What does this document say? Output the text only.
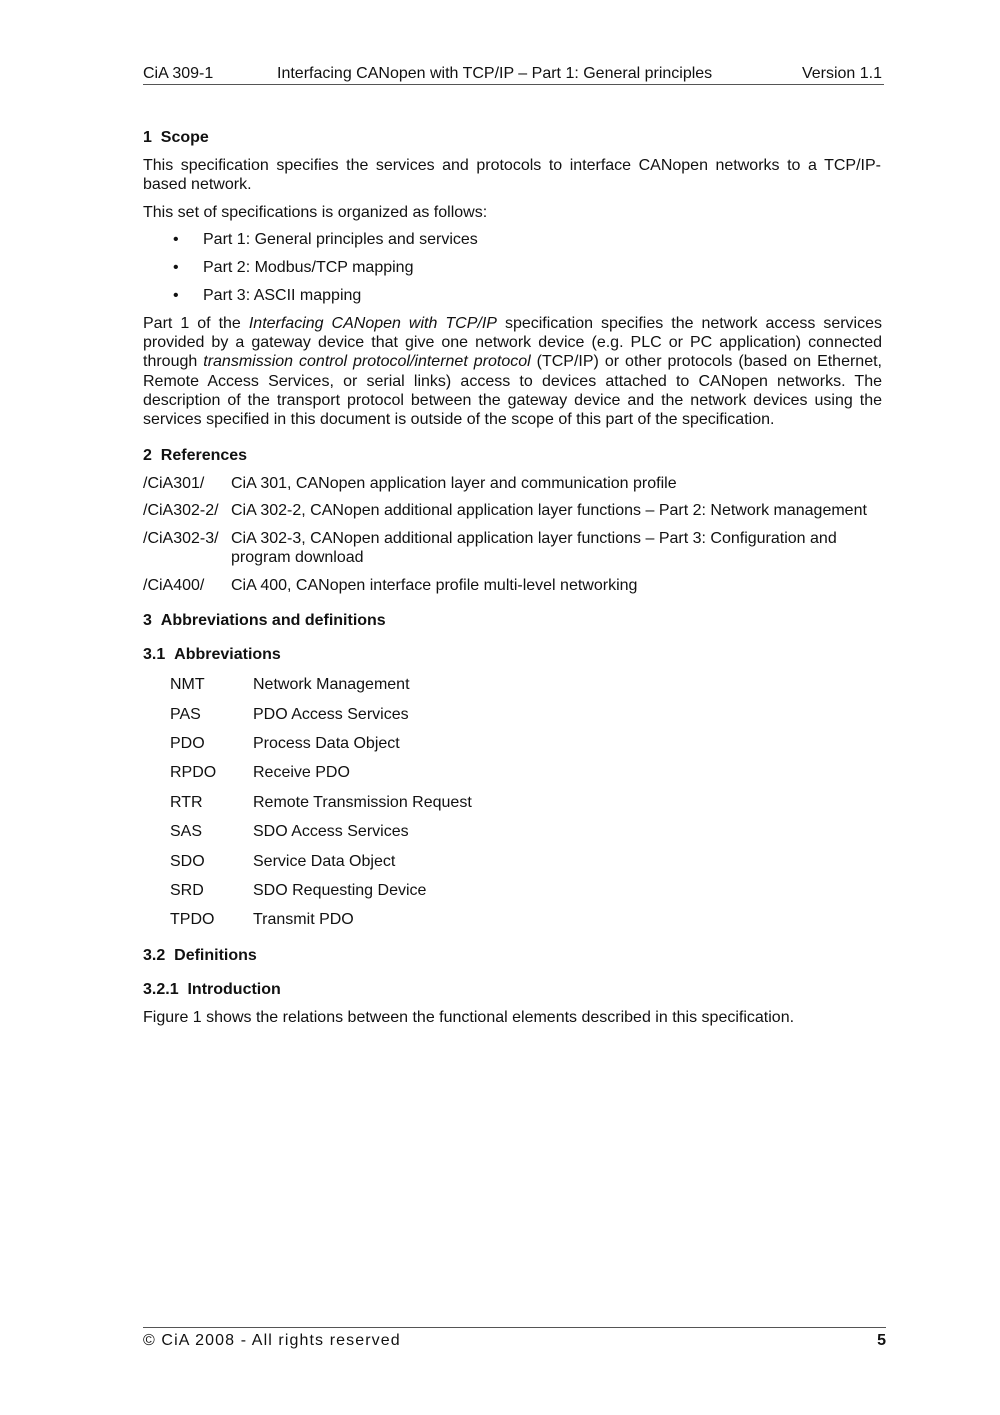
CiA 309-1	Interfacing CANopen with TCP/IP – Part 1: General principles	Version 1.1
1 Scope

This specification specifies the services and protocols to interface CANopen networks to a TCP/IP-based network.

This set of specifications is organized as follows:

• Part 1: General principles and services
• Part 2: Modbus/TCP mapping
• Part 3: ASCII mapping

Part 1 of the Interfacing CANopen with TCP/IP specification specifies the network access services provided by a gateway device that give one network device (e.g. PLC or PC application) connected through transmission control protocol/internet protocol (TCP/IP) or other protocols (based on Ethernet, Remote Access Services, or serial links) access to devices attached to CANopen networks. The description of the transport protocol between the gateway device and the network devices using the services specified in this document is outside of the scope of this part of the specification.

2 References
/CiA301/	CiA 301, CANopen application layer and communication profile
/CiA302-2/ CiA 302-2, CANopen additional application layer functions – Part 2: Network management
/CiA302-3/ CiA 302-3, CANopen additional application layer functions – Part 3: Configuration and program download
/CiA400/	CiA 400, CANopen interface profile multi-level networking
3 Abbreviations and definitions
3.1 Abbreviations
NMT	Network Management
PAS	PDO Access Services
PDO	Process Data Object
RPDO	Receive PDO
RTR	Remote Transmission Request
SAS	SDO Access Services
SDO	Service Data Object
SRD	SDO Requesting Device
TPDO	Transmit PDO
3.2 Definitions
3.2.1 Introduction

Figure 1 shows the relations between the functional elements described in this specification.

© CiA 2008 - All rights reserved	5
